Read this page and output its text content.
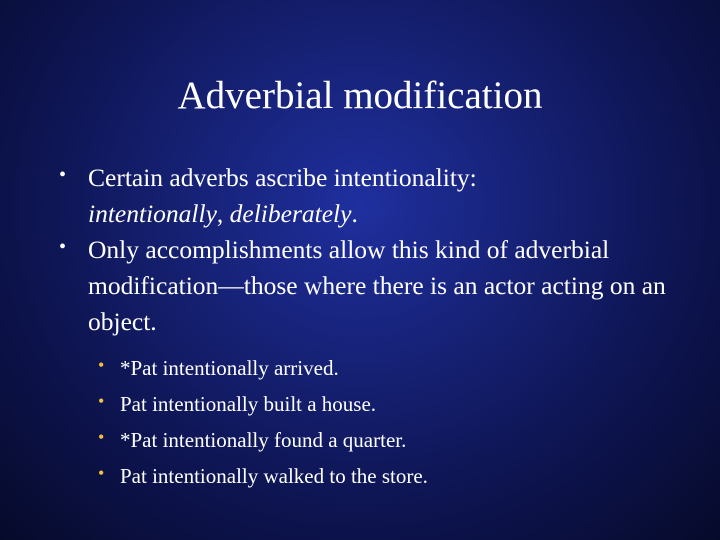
Adverbial modification
• Certain adverbs ascribe intentionality:
intentionally, deliberately.
• Only accomplishments allow this kind of adverbial modification—those where there is an actor acting on an object.
• *Pat intentionally arrived.
• Pat intentionally built a house.
• *Pat intentionally found a quarter.
• Pat intentionally walked to the store.
